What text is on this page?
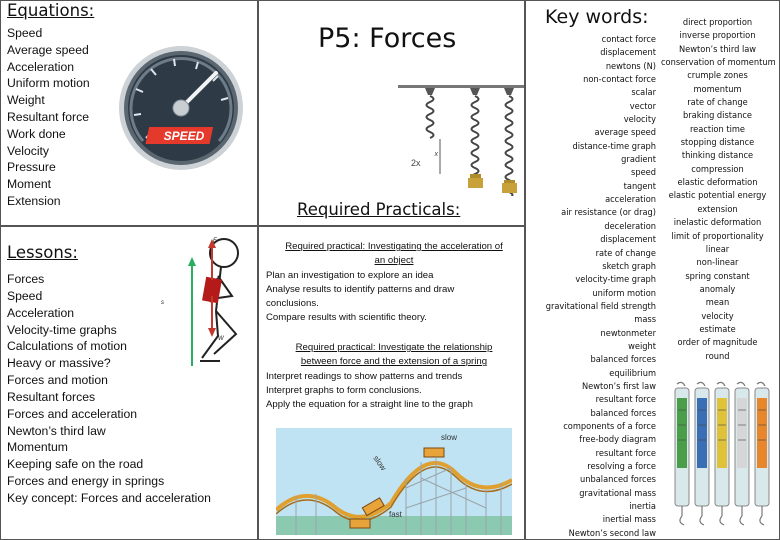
Equations:
Speed
Average speed
Acceleration
Uniform motion
Weight
Resultant force
Work done
Velocity
Pressure
Moment
Extension
SPEED
Lessons:
Forces
Speed
Acceleration
Velocity-time graphs
Calculations of motion
Heavy or massive?
Forces and motion
Resultant forces
Forces and acceleration
Newton’s third law
Momentum
Keeping safe on the road
Forces and energy in springs
Key concept: Forces and acceleration
F
W
s
P5: Forces
x
2x
Required Practicals:
Required practical: Investigating the acceleration of
an object
Plan an investigation to explore an idea
Analyse results to identify patterns and draw
conclusions.
Compare results with scientific theory.
Required practical: Investigate the relationship
between force and the extension of a spring
Interpret readings to show patterns and trends
Interpret graphs to form conclusions.
Apply the equation for a straight line to the graph
slow
slow
fast
Key words:
contact force
displacement
newtons (N)
non-contact force
scalar
vector
velocity
average speed
distance-time graph
gradient
speed
tangent
acceleration
air resistance (or drag)
deceleration
displacement
rate of change
sketch graph
velocity-time graph
uniform motion
gravitational field strength
mass
newtonmeter
weight
balanced forces
equilibrium
Newton’s first law
resultant force
balanced forces
components of a force
free-body diagram
resultant force
resolving a force
unbalanced forces
gravitational mass
inertia
inertial mass
Newton’s second law
direct proportion
inverse proportion
Newton’s third law
conservation of momentum
crumple zones
momentum
rate of change
braking distance
reaction time
stopping distance
thinking distance
compression
elastic deformation
elastic potential energy
extension
inelastic deformation
limit of proportionality
linear
non-linear
spring constant
anomaly
mean
velocity
estimate
order of magnitude
round
